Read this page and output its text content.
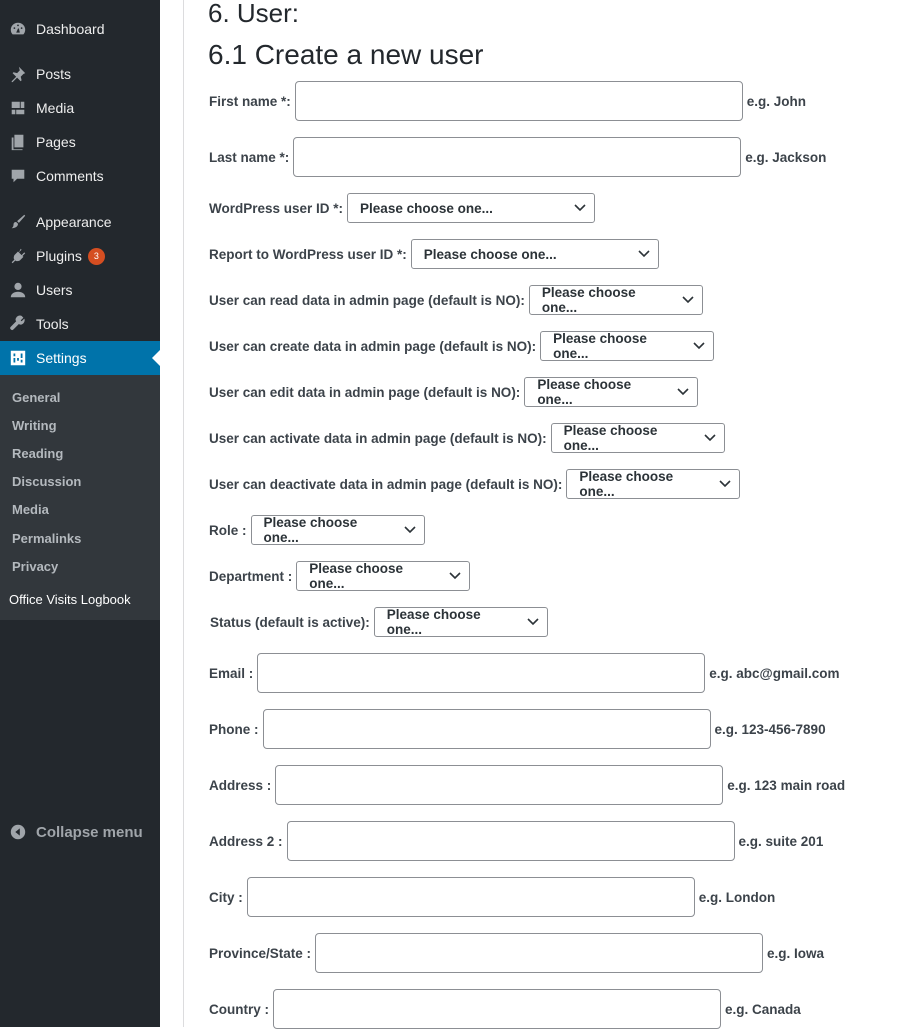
Dashboard
Posts
Media
Pages
Comments
Appearance
Plugins	3
Users
Tools
Settings
General
Writing
Reading
Discussion
Media
Permalinks
Privacy
Office Visits Logbook
Collapse menu
6. User:
6.1 Create a new user
First name *:	e.g. John
Last name *:	e.g. Jackson
WordPress user ID *: Please choose one...
Report to WordPress user ID *: Please choose one...
User can read data in admin page (default is NO): Please choose one...
User can create data in admin page (default is NO): Please choose one...
User can edit data in admin page (default is NO): Please choose one...
User can activate data in admin page (default is NO): Please choose one...
User can deactivate data in admin page (default is NO): Please choose one...
Role : Please choose one...
Department : Please choose one...
Status (default is active): Please choose one...
Email :	e.g. abc@gmail.com
Phone :	e.g. 123-456-7890
Address :	e.g. 123 main road
Address 2 :	e.g. suite 201
City :	e.g. London
Province/State :	e.g. Iowa
Country :	e.g. Canada
